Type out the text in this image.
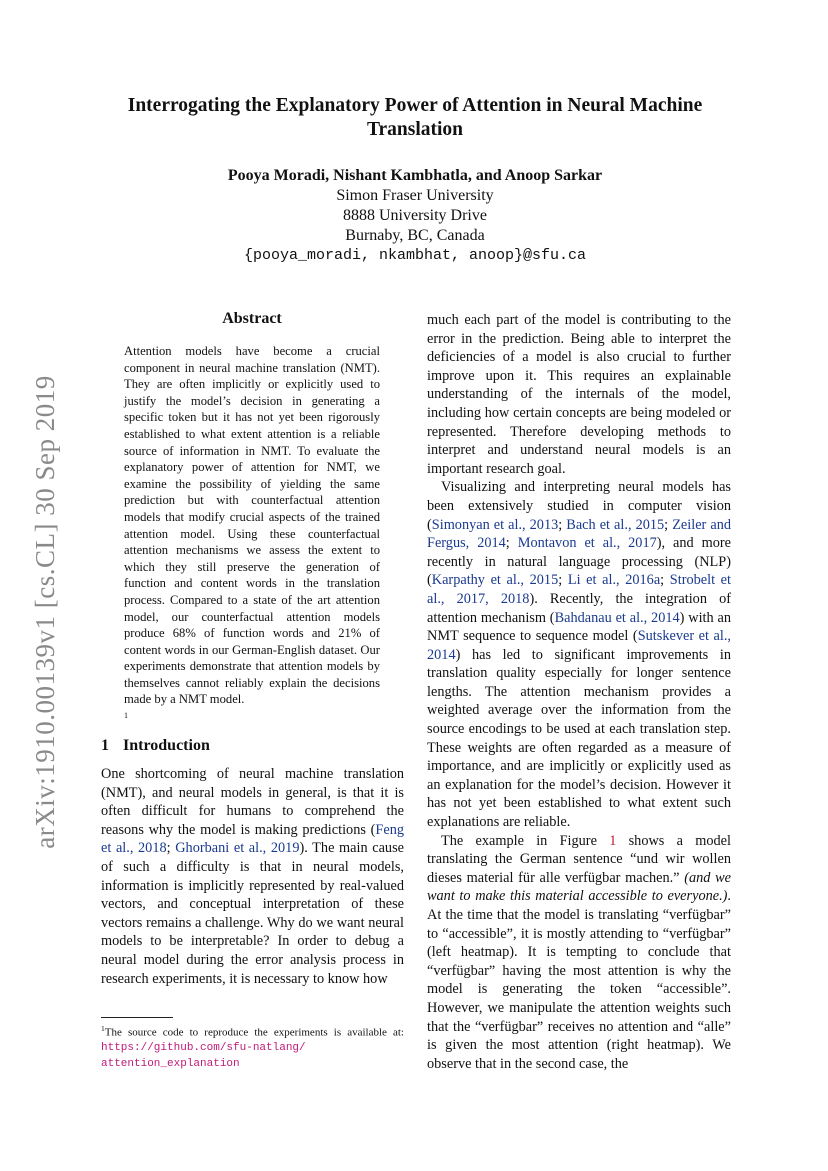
arXiv:1910.00139v1 [cs.CL] 30 Sep 2019
Interrogating the Explanatory Power of Attention in Neural Machine
Translation
Pooya Moradi, Nishant Kambhatla, and Anoop Sarkar
Simon Fraser University
8888 University Drive
Burnaby, BC, Canada
{pooya_moradi, nkambhat, anoop}@sfu.ca
Abstract
Attention models have become a crucial component in neural machine translation (NMT). They are often implicitly or explicitly used to justify the model’s decision in generating a specific token but it has not yet been rigorously established to what extent attention is a reliable source of information in NMT. To evaluate the explanatory power of attention for NMT, we examine the possibility of yielding the same prediction but with counterfactual attention models that modify crucial aspects of the trained attention model. Using these counterfactual attention mechanisms we assess the extent to which they still preserve the generation of function and content words in the translation process. Compared to a state of the art attention model, our counterfactual attention models produce 68% of function words and 21% of content words in our German-English dataset. Our experiments demonstrate that attention models by themselves cannot reliably explain the decisions made by a NMT model.
$^1$
1 Introduction

One shortcoming of neural machine translation (NMT), and neural models in general, is that it is often difficult for humans to comprehend the reasons why the model is making predictions (Feng et al., 2018; Ghorbani et al., 2019). The main cause of such a difficulty is that in neural models, information is implicitly represented by real-valued vectors, and conceptual interpretation of these vectors remains a challenge. Why do we want neural models to be interpretable? In order to debug a neural model during the error analysis process in research experiments, it is necessary to know how

much each part of the model is contributing to the error in the prediction. Being able to interpret the deficiencies of a model is also crucial to further improve upon it. This requires an explainable understanding of the internals of the model, including how certain concepts are being modeled or represented. Therefore developing methods to interpret and understand neural models is an important research goal.

Visualizing and interpreting neural models has been extensively studied in computer vision (Simonyan et al., 2013; Bach et al., 2015; Zeiler and Fergus, 2014; Montavon et al., 2017), and more recently in natural language processing (NLP) (Karpathy et al., 2015; Li et al., 2016a; Strobelt et al., 2017, 2018). Recently, the integration of attention mechanism (Bahdanau et al., 2014) with an NMT sequence to sequence model (Sutskever et al., 2014) has led to significant improvements in translation quality especially for longer sentence lengths. The attention mechanism provides a weighted average over the information from the source encodings to be used at each translation step. These weights are often regarded as a measure of importance, and are implicitly or explicitly used as an explanation for the model’s decision. However it has not yet been established to what extent such explanations are reliable.

The example in Figure 1 shows a model translating the German sentence “und wir wollen dieses material für alle verfügbar machen.” (and we want to make this material accessible to everyone.). At the time that the model is translating “verfügbar” to “accessible”, it is mostly attending to “verfügbar” (left heatmap). It is tempting to conclude that “verfügbar” having the most attention is why the model is generating the token “accessible”. However, we manipulate the attention weights such that the “verfügbar” receives no attention and “alle” is given the most attention (right heatmap). We observe that in the second case, the

$^1$The source code to reproduce the experiments is available at: https://github.com/sfu-natlang/
attention_explanation
